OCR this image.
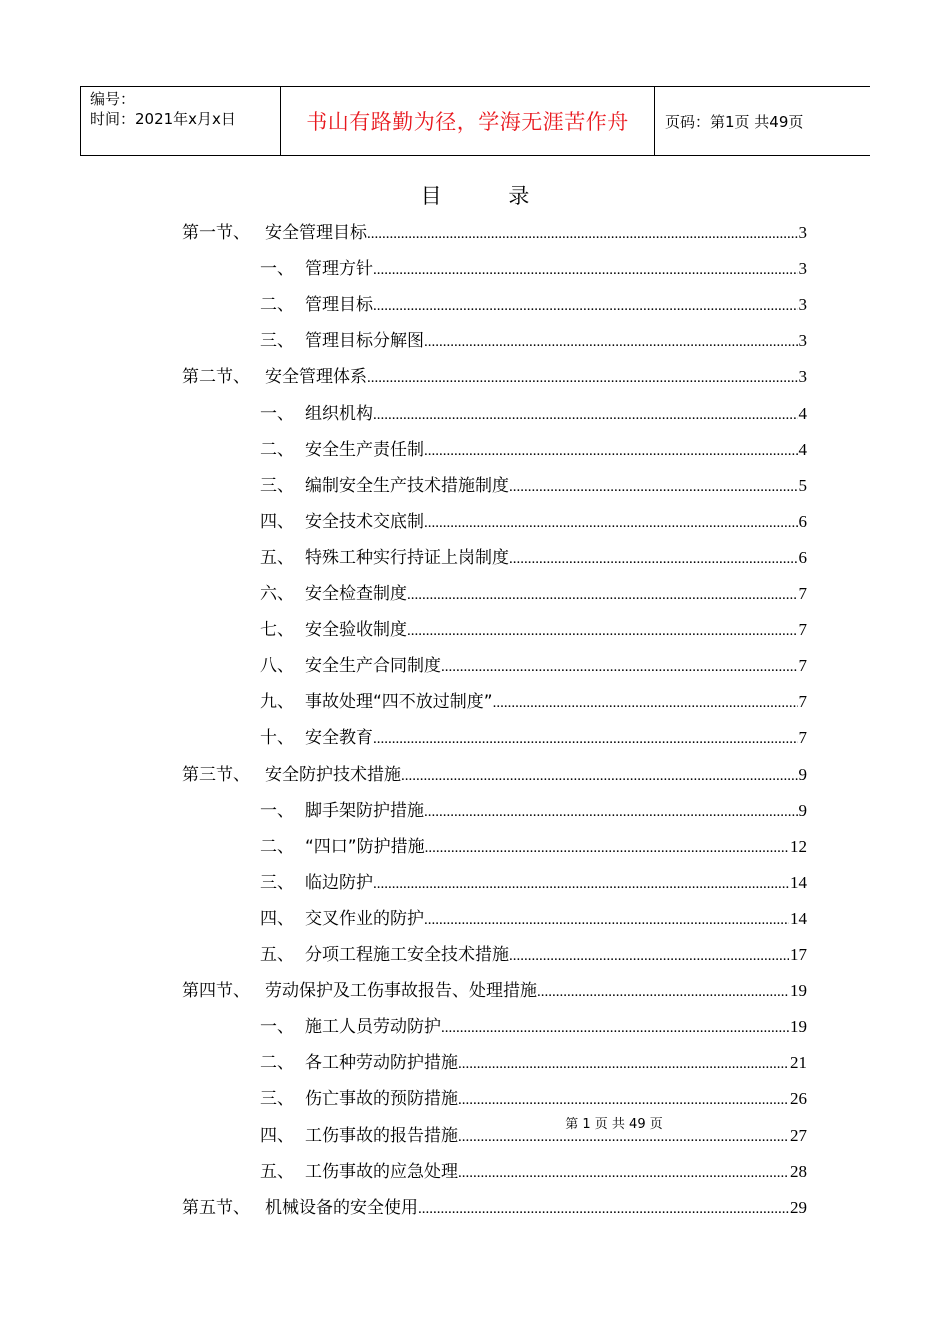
编号：
时间：2021年x月x日	书山有路勤为径，学海无涯苦作舟	页码：第1页 共49页
目 录
第一节、 安全管理目标 .....	3
一、 管理方针 .....	3
二、 管理目标 .....	3
三、 管理目标分解图 .....	3
第二节、 安全管理体系 .....	3
一、 组织机构 .....	4
二、 安全生产责任制 .....	4
三、 编制安全生产技术措施制度 .....	5
四、 安全技术交底制 .....	6
五、 特殊工种实行持证上岗制度 .....	6
六、 安全检查制度 .....	7
七、 安全验收制度 .....	7
八、 安全生产合同制度 .....	7
九、 事故处理“四不放过制度” .....	7
十、 安全教育 .....	7
第三节、 安全防护技术措施 .....	9
一、 脚手架防护措施 .....	9
二、 “四口”防护措施 .....	12
三、 临边防护 .....	14
四、 交叉作业的防护 .....	14
五、 分项工程施工安全技术措施 .....	17
第四节、 劳动保护及工伤事故报告、处理措施 .....	19
一、 施工人员劳动防护 .....	19
二、 各工种劳动防护措施 .....	21
三、 伤亡事故的预防措施 .....	26
四、 工伤事故的报告措施 .....	27
五、 工伤事故的应急处理 .....	28
第五节、 机械设备的安全使用 .....	29
第 1 页 共 49 页
